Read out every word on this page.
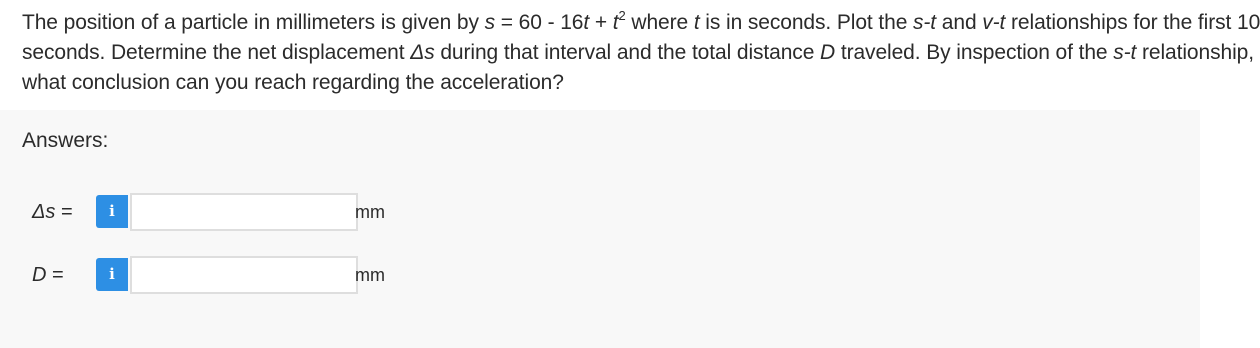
The position of a particle in millimeters is given by $s = 60 - 16t + t^2$ where t is in seconds. Plot the s-t and v-t relationships for the first 10
seconds. Determine the net displacement Δs during that interval and the total distance D traveled. By inspection of the s-t relationship,
what conclusion can you reach regarding the acceleration?
Answers:
Δs =	i	mm
D =	i	mm
